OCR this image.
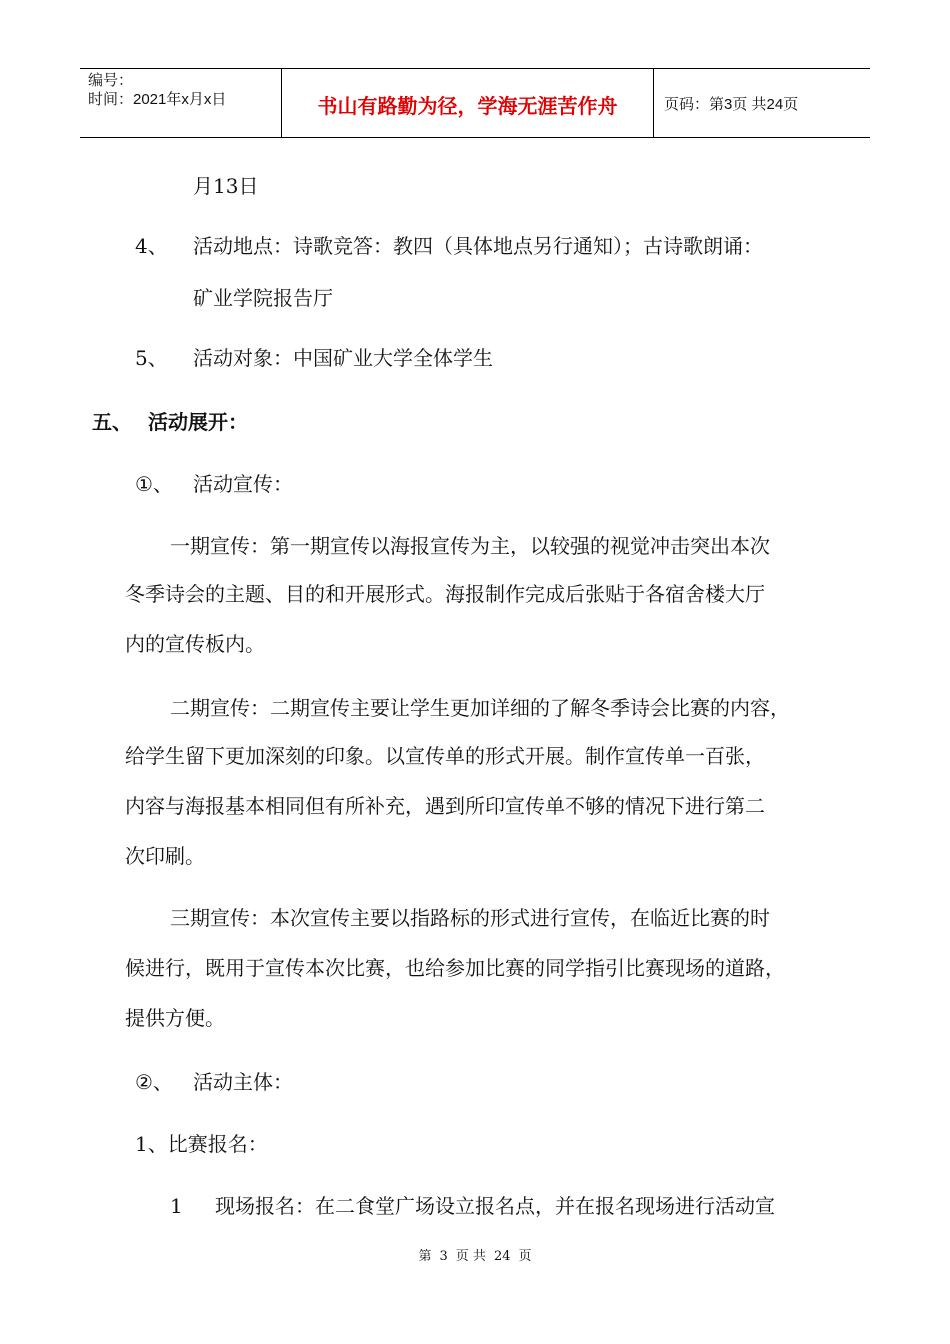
编号：
时间：2021年x月x日	书山有路勤为径，学海无涯苦作舟	页码：第3页 共24页
月13日
4、 活动地点：诗歌竞答：教四（具体地点另行通知）；古诗歌朗诵：
矿业学院报告厅
5、 活动对象：中国矿业大学全体学生
五、 活动展开：
①、 活动宣传：
一期宣传：第一期宣传以海报宣传为主，以较强的视觉冲击突出本次
冬季诗会的主题、目的和开展形式。海报制作完成后张贴于各宿舍楼大厅
内的宣传板内。
二期宣传：二期宣传主要让学生更加详细的了解冬季诗会比赛的内容，
给学生留下更加深刻的印象。以宣传单的形式开展。制作宣传单一百张，
内容与海报基本相同但有所补充，遇到所印宣传单不够的情况下进行第二
次印刷。
三期宣传：本次宣传主要以指路标的形式进行宣传，在临近比赛的时
候进行，既用于宣传本次比赛，也给参加比赛的同学指引比赛现场的道路，
提供方便。
②、 活动主体：
1、比赛报名：
1 现场报名：在二食堂广场设立报名点，并在报名现场进行活动宣
第 3 页 共 24 页
